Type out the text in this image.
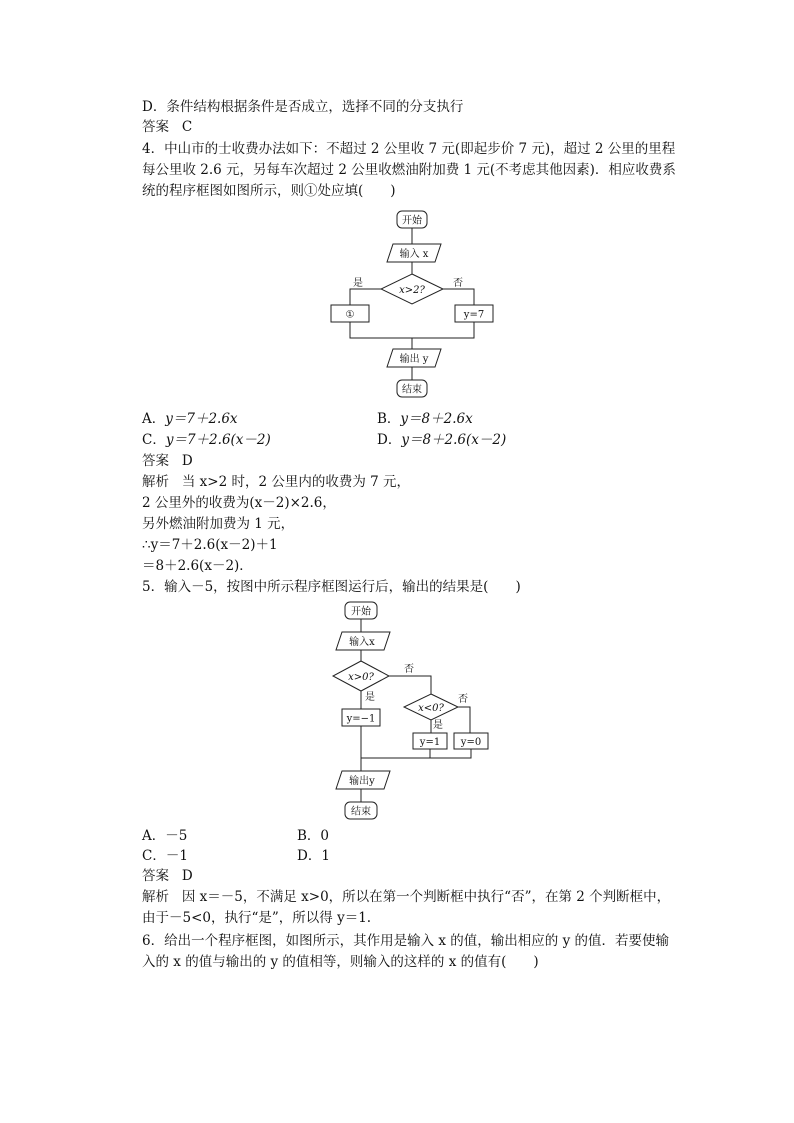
D．条件结构根据条件是否成立，选择不同的分支执行
答案 C
4．中山市的士收费办法如下：不超过 2 公里收 7 元(即起步价 7 元)，超过 2 公里的里程
每公里收 2.6 元，另每车次超过 2 公里收燃油附加费 1 元(不考虑其他因素)．相应收费系
统的程序框图如图所示，则①处应填(　　)
开始
输入 x
x>2?
是
①
否
y=7
输出 y
结束
A．y＝7＋2.6x	B．y＝8＋2.6x
C．y＝7＋2.6(x－2)	D．y＝8＋2.6(x－2)
答案 D
解析 当 x>2 时，2 公里内的收费为 7 元，
2 公里外的收费为(x－2)×2.6，
另外燃油附加费为 1 元，
∴y＝7＋2.6(x－2)＋1
＝8＋2.6(x－2)．
5．输入－5，按图中所示程序框图运行后，输出的结果是(　　)
开始
输入x
x>0?
否
是
y=−1
x<0?
否
是
y=1 y=0
输出y
结束
A．－5	B．0
C．－1	D．1
答案 D
解析 因 x＝－5，不满足 x>0，所以在第一个判断框中执行“否”，在第 2 个判断框中，
由于－5<0，执行“是”，所以得 y＝1.
6．给出一个程序框图，如图所示，其作用是输入 x 的值，输出相应的 y 的值．若要使输
入的 x 的值与输出的 y 的值相等，则输入的这样的 x 的值有(　　)
